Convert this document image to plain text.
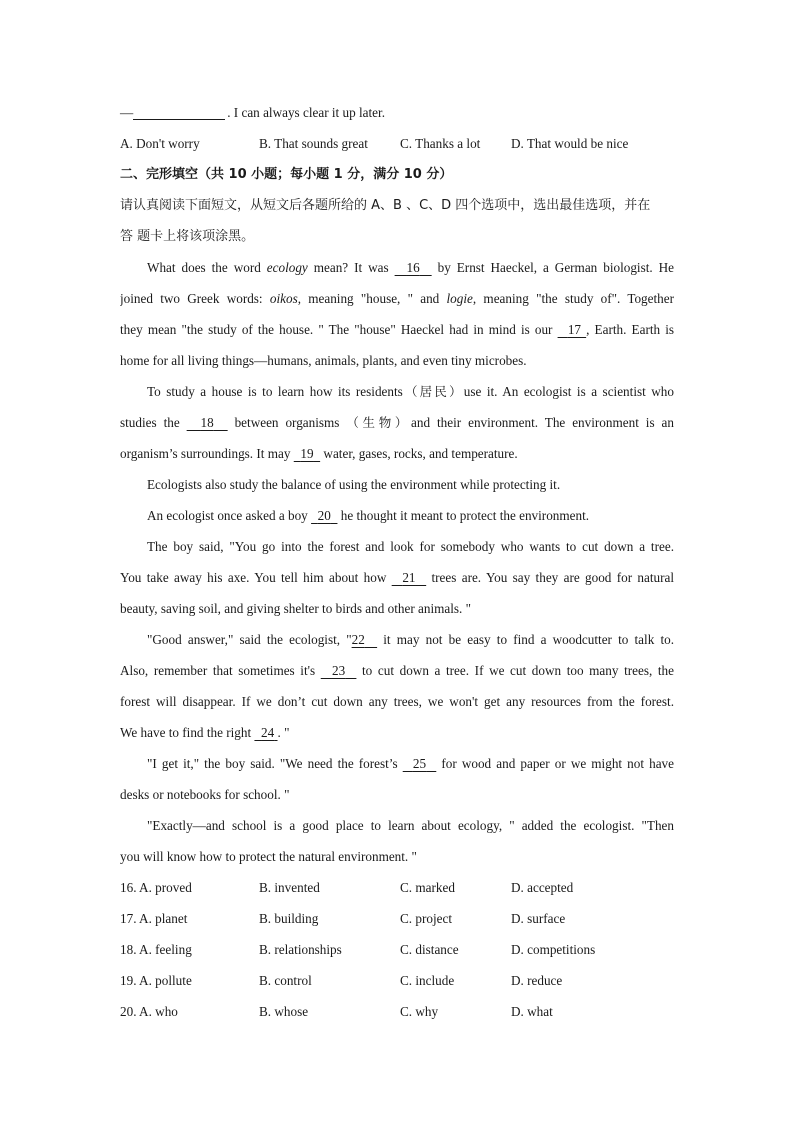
—	. I can always clear it up later.
A. Don't worry	B. That sounds great	C. Thanks a lot	D. That would be nice
二、完形填空（共 10 小题；每小题 1 分，满分 10 分）
请认真阅读下面短文，从短文后各题所给的 A、B 、C、D 四个选项中，选出最佳选项，并在
答 题卡上将该项涂黑。
What does the word ecology mean? It was   16   by Ernst Haeckel, a German biologist. He
joined two Greek words: oikos, meaning "house, " and logie, meaning "the study of". Together
they mean "the study of the house. " The "house" Haeckel had in mind is our   17 , Earth. Earth is
home for all living things—humans, animals, plants, and even tiny microbes.
To study a house is to learn how its residents（居民）use it. An ecologist is a scientist who
studies the   18   between organisms （生物）and their environment. The environment is an
organism’s surroundings. It may   19   water, gases, rocks, and temperature.
Ecologists also study the balance of using the environment while protecting it.
An ecologist once asked a boy   20   he thought it meant to protect the environment.
The boy said, "You go into the forest and look for somebody who wants to cut down a tree.
You take away his axe. You tell him about how   21   trees are. You say they are good for natural
beauty, saving soil, and giving shelter to birds and other animals. "
"Good answer," said the ecologist, "22   it may not be easy to find a woodcutter to talk to.
Also, remember that sometimes it's   23   to cut down a tree. If we cut down too many trees, the
forest will disappear. If we don’t cut down any trees, we won't get any resources from the forest.
We have to find the right   24 . "
"I get it," the boy said. "We need the forest’s   25   for wood and paper or we might not have
desks or notebooks for school. "
"Exactly—and school is a good place to learn about ecology, " added the ecologist. "Then
you will know how to protect the natural environment. "
16. A. proved	B. invented	C. marked	D. accepted
17. A. planet	B. building	C. project	D. surface
18. A. feeling	B. relationships	C. distance	D. competitions
19. A. pollute	B. control	C. include	D. reduce
20. A. who	B. whose	C. why	D. what
